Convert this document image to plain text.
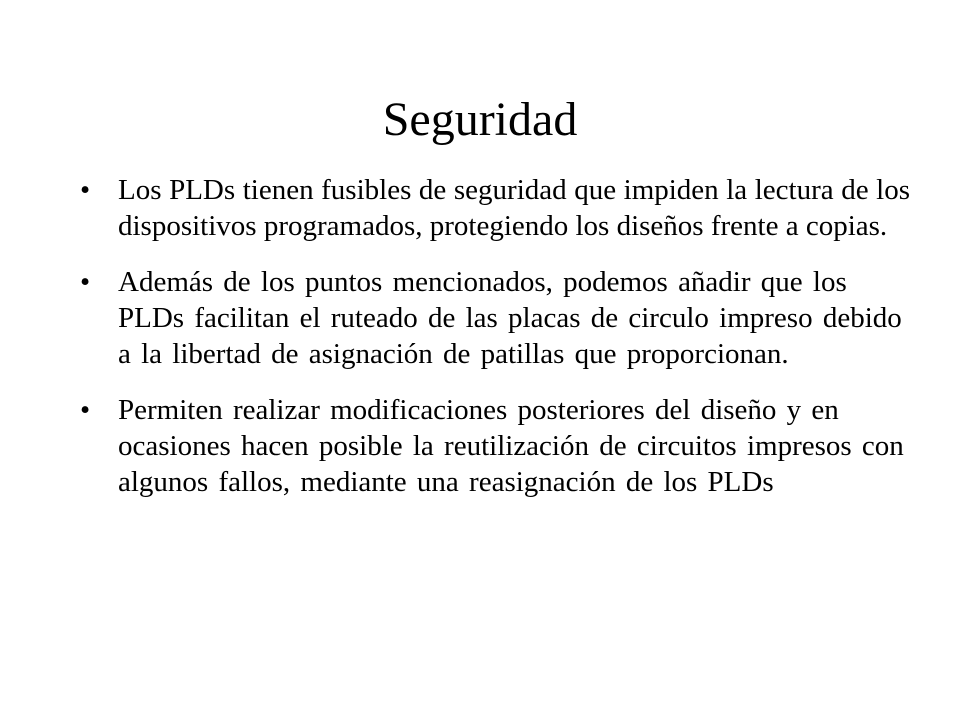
Seguridad
• Los PLDs tienen fusibles de seguridad que impiden la lectura de los dispositivos programados, protegiendo los diseños frente a copias.
• Además de los puntos mencionados, podemos añadir que los PLDs facilitan el ruteado de las placas de circulo impreso debido a la libertad de asignación de patillas que proporcionan.
• Permiten realizar modificaciones posteriores del diseño y en ocasiones hacen posible la reutilización de circuitos impresos con algunos fallos, mediante una reasignación de los PLDs
